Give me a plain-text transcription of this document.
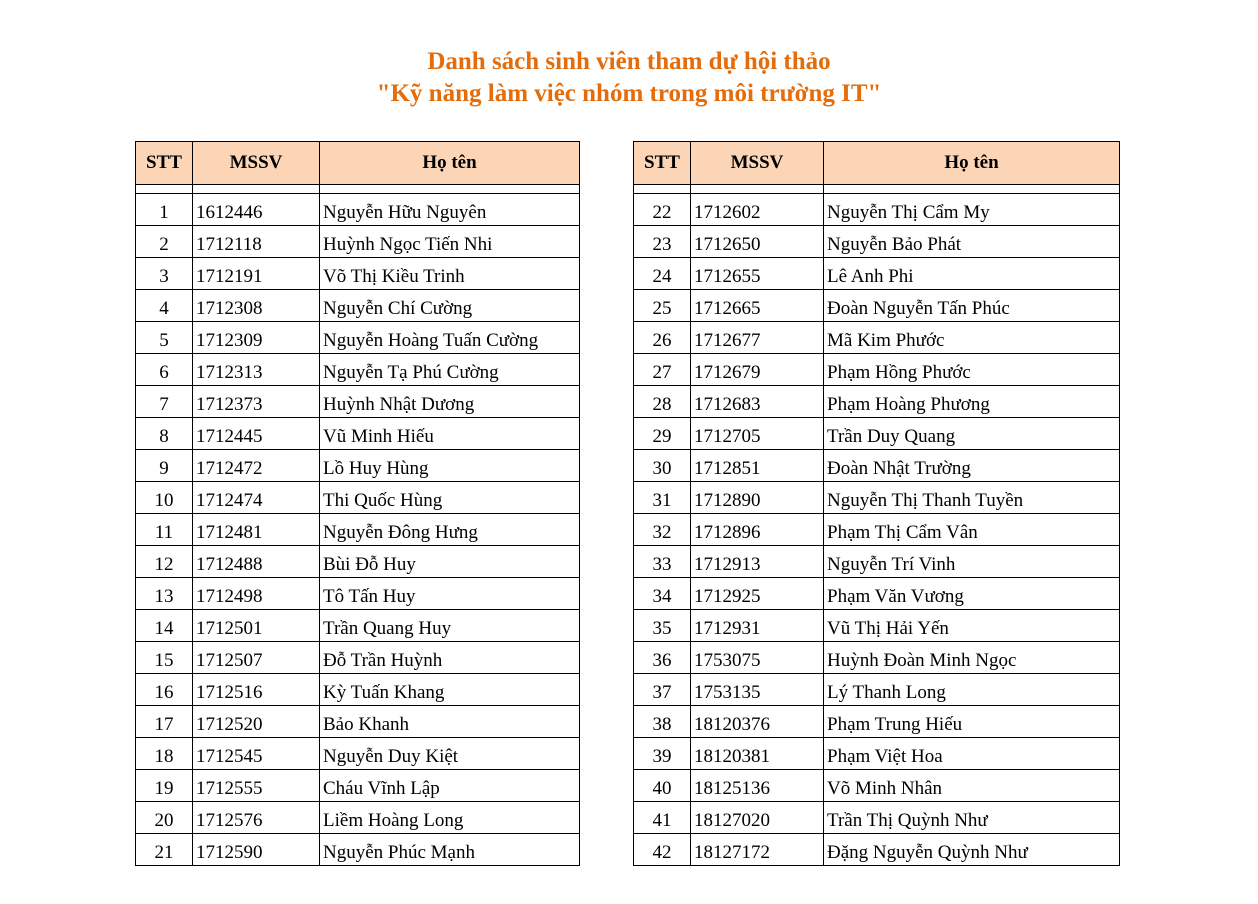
Danh sách sinh viên tham dự hội thảo
"Kỹ năng làm việc nhóm trong môi trường IT"
STT	MSSV	Họ tên

1	1612446	Nguyễn Hữu Nguyên
2	1712118	Huỳnh Ngọc Tiến Nhi
3	1712191	Võ Thị Kiều Trinh
4	1712308	Nguyễn Chí Cường
5	1712309	Nguyễn Hoàng Tuấn Cường
6	1712313	Nguyễn Tạ Phú Cường
7	1712373	Huỳnh Nhật Dương
8	1712445	Vũ Minh Hiếu
9	1712472	Lồ Huy Hùng
10	1712474	Thi Quốc Hùng
11	1712481	Nguyễn Đông Hưng
12	1712488	Bùi Đỗ Huy
13	1712498	Tô Tấn Huy
14	1712501	Trần Quang Huy
15	1712507	Đỗ Trần Huỳnh
16	1712516	Kỳ Tuấn Khang
17	1712520	Bảo Khanh
18	1712545	Nguyễn Duy Kiệt
19	1712555	Cháu Vĩnh Lập
20	1712576	Liềm Hoàng Long
21	1712590	Nguyễn Phúc Mạnh
STT	MSSV	Họ tên

22	1712602	Nguyễn Thị Cẩm My
23	1712650	Nguyễn Bảo Phát
24	1712655	Lê Anh Phi
25	1712665	Đoàn Nguyễn Tấn Phúc
26	1712677	Mã Kim Phước
27	1712679	Phạm Hồng Phước
28	1712683	Phạm Hoàng Phương
29	1712705	Trần Duy Quang
30	1712851	Đoàn Nhật Trường
31	1712890	Nguyễn Thị Thanh Tuyền
32	1712896	Phạm Thị Cẩm Vân
33	1712913	Nguyễn Trí Vinh
34	1712925	Phạm Văn Vương
35	1712931	Vũ Thị Hải Yến
36	1753075	Huỳnh Đoàn Minh Ngọc
37	1753135	Lý Thanh Long
38	18120376	Phạm Trung Hiếu
39	18120381	Phạm Việt Hoa
40	18125136	Võ Minh Nhân
41	18127020	Trần Thị Quỳnh Như
42	18127172	Đặng Nguyễn Quỳnh Như
